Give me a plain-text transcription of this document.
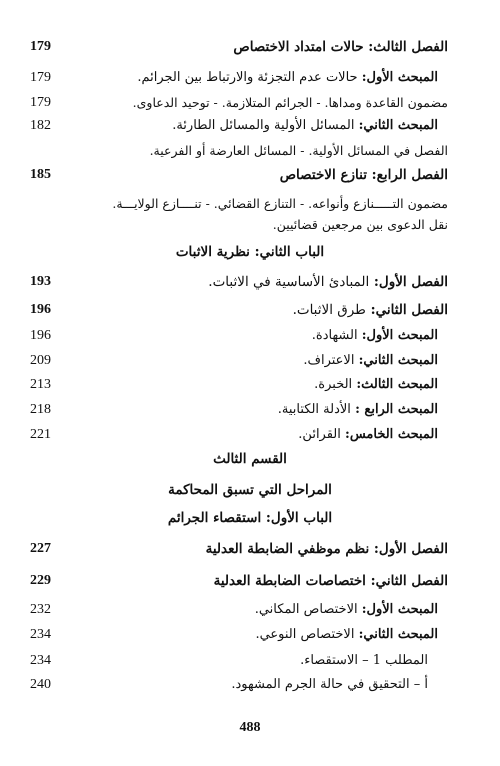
الفصل الثالث: حالات امتداد الاختصاص
179
المبحث الأول: حالات عدم التجزئة والارتباط بين الجرائم.
179
مضمون القاعدة ومداها. - الجرائم المتلازمة. - توحيد الدعاوى.
179
المبحث الثاني: المسائل الأولية والمسائل الطارئة.
182
الفصل في المسائل الأولية. - المسائل العارضة أو الفرعية.
الفصل الرابع: تنازع الاختصاص
185
مضمون التـــــنازع وأنواعه. - التنازع القضائي. - تنــــازع الولايـــة.
نقل الدعوى بين مرجعين قضائيين.
الباب الثاني: نظرية الاثبات
الفصل الأول: المبادئ الأساسية في الاثبات.
193
الفصل الثاني: طرق الاثبات.
196
المبحث الأول: الشهادة.
196
المبحث الثاني: الاعتراف.
209
المبحث الثالث: الخبرة.
213
المبحث الرابع : الأدلة الكتابية.
218
المبحث الخامس: القرائن.
221
القسم الثالث
المراحل التي تسبق المحاكمة
الباب الأول: استقصاء الجرائم
الفصل الأول: نظم موظفي الضابطة العدلية
227
الفصل الثاني: اختصاصات الضابطة العدلية
229
المبحث الأول: الاختصاص المكاني.
232
المبحث الثاني: الاختصاص النوعي.
234
المطلب 1 – الاستقصاء.
234
أ – التحقيق في حالة الجرم المشهود.
240
488
